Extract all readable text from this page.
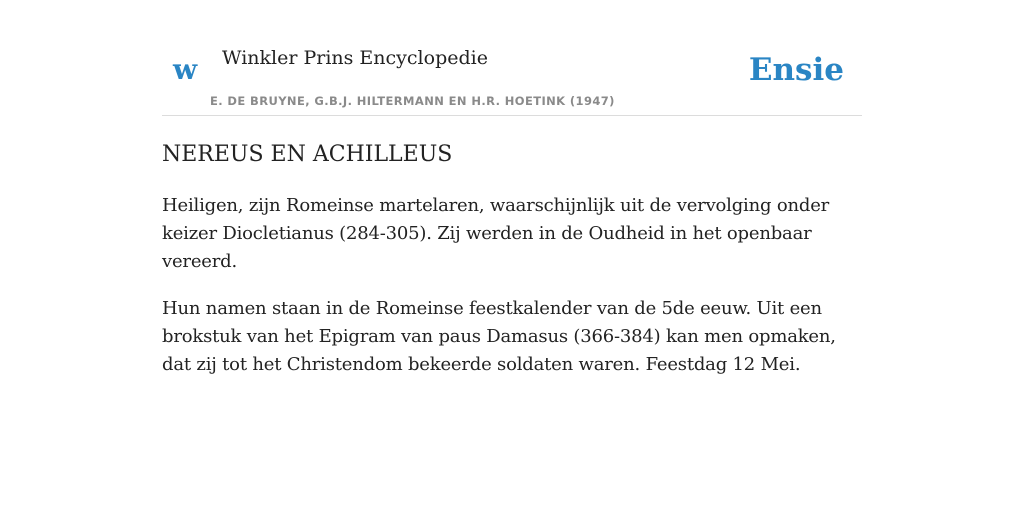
w Winkler Prins Encyclopedie
E. DE BRUYNE, G.B.J. HILTERMANN EN H.R. HOETINK (1947)
Ensie
NEREUS EN ACHILLEUS

Heiligen, zijn Romeinse martelaren, waarschijnlijk uit de vervolging onder keizer Diocletianus (284-305). Zij werden in de Oudheid in het openbaar vereerd.

Hun namen staan in de Romeinse feestkalender van de 5de eeuw. Uit een brokstuk van het Epigram van paus Damasus (366-384) kan men opmaken, dat zij tot het Christendom bekeerde soldaten waren. Feestdag 12 Mei.
